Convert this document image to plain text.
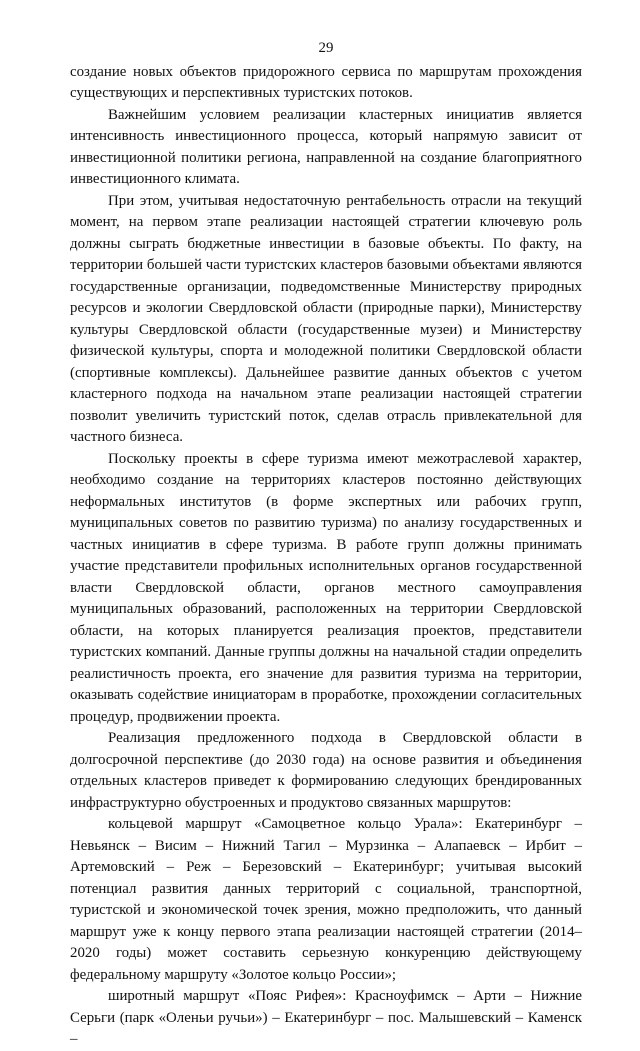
29

создание новых объектов придорожного сервиса по маршрутам прохождения существующих и перспективных туристских потоков.

Важнейшим условием реализации кластерных инициатив является интенсивность инвестиционного процесса, который напрямую зависит от инвестиционной политики региона, направленной на создание благоприятного инвестиционного климата.

При этом, учитывая недостаточную рентабельность отрасли на текущий момент, на первом этапе реализации настоящей стратегии ключевую роль должны сыграть бюджетные инвестиции в базовые объекты. По факту, на территории большей части туристских кластеров базовыми объектами являются государственные организации, подведомственные Министерству природных ресурсов и экологии Свердловской области (природные парки), Министерству культуры Свердловской области (государственные музеи) и Министерству физической культуры, спорта и молодежной политики Свердловской области (спортивные комплексы). Дальнейшее развитие данных объектов с учетом кластерного подхода на начальном этапе реализации настоящей стратегии позволит увеличить туристский поток, сделав отрасль привлекательной для частного бизнеса.

Поскольку проекты в сфере туризма имеют межотраслевой характер, необходимо создание на территориях кластеров постоянно действующих неформальных институтов (в форме экспертных или рабочих групп, муниципальных советов по развитию туризма) по анализу государственных и частных инициатив в сфере туризма. В работе групп должны принимать участие представители профильных исполнительных органов государственной власти Свердловской области, органов местного самоуправления муниципальных образований, расположенных на территории Свердловской области, на которых планируется реализация проектов, представители туристских компаний. Данные группы должны на начальной стадии определить реалистичность проекта, его значение для развития туризма на территории, оказывать содействие инициаторам в проработке, прохождении согласительных процедур, продвижении проекта.

Реализация предложенного подхода в Свердловской области в долгосрочной перспективе (до 2030 года) на основе развития и объединения отдельных кластеров приведет к формированию следующих брендированных инфраструктурно обустроенных и продуктово связанных маршрутов:

кольцевой маршрут «Самоцветное кольцо Урала»: Екатеринбург – Невьянск – Висим – Нижний Тагил – Мурзинка – Алапаевск – Ирбит – Артемовский – Реж – Березовский – Екатеринбург; учитывая высокий потенциал развития данных территорий с социальной, транспортной, туристской и экономической точек зрения, можно предположить, что данный маршрут уже к концу первого этапа реализации настоящей стратегии (2014–2020 годы) может составить серьезную конкуренцию действующему федеральному маршруту «Золотое кольцо России»;

широтный маршрут «Пояс Рифея»: Красноуфимск – Арти – Нижние Серьги (парк «Оленьи ручьи») – Екатеринбург – пос. Малышевский – Каменск –
